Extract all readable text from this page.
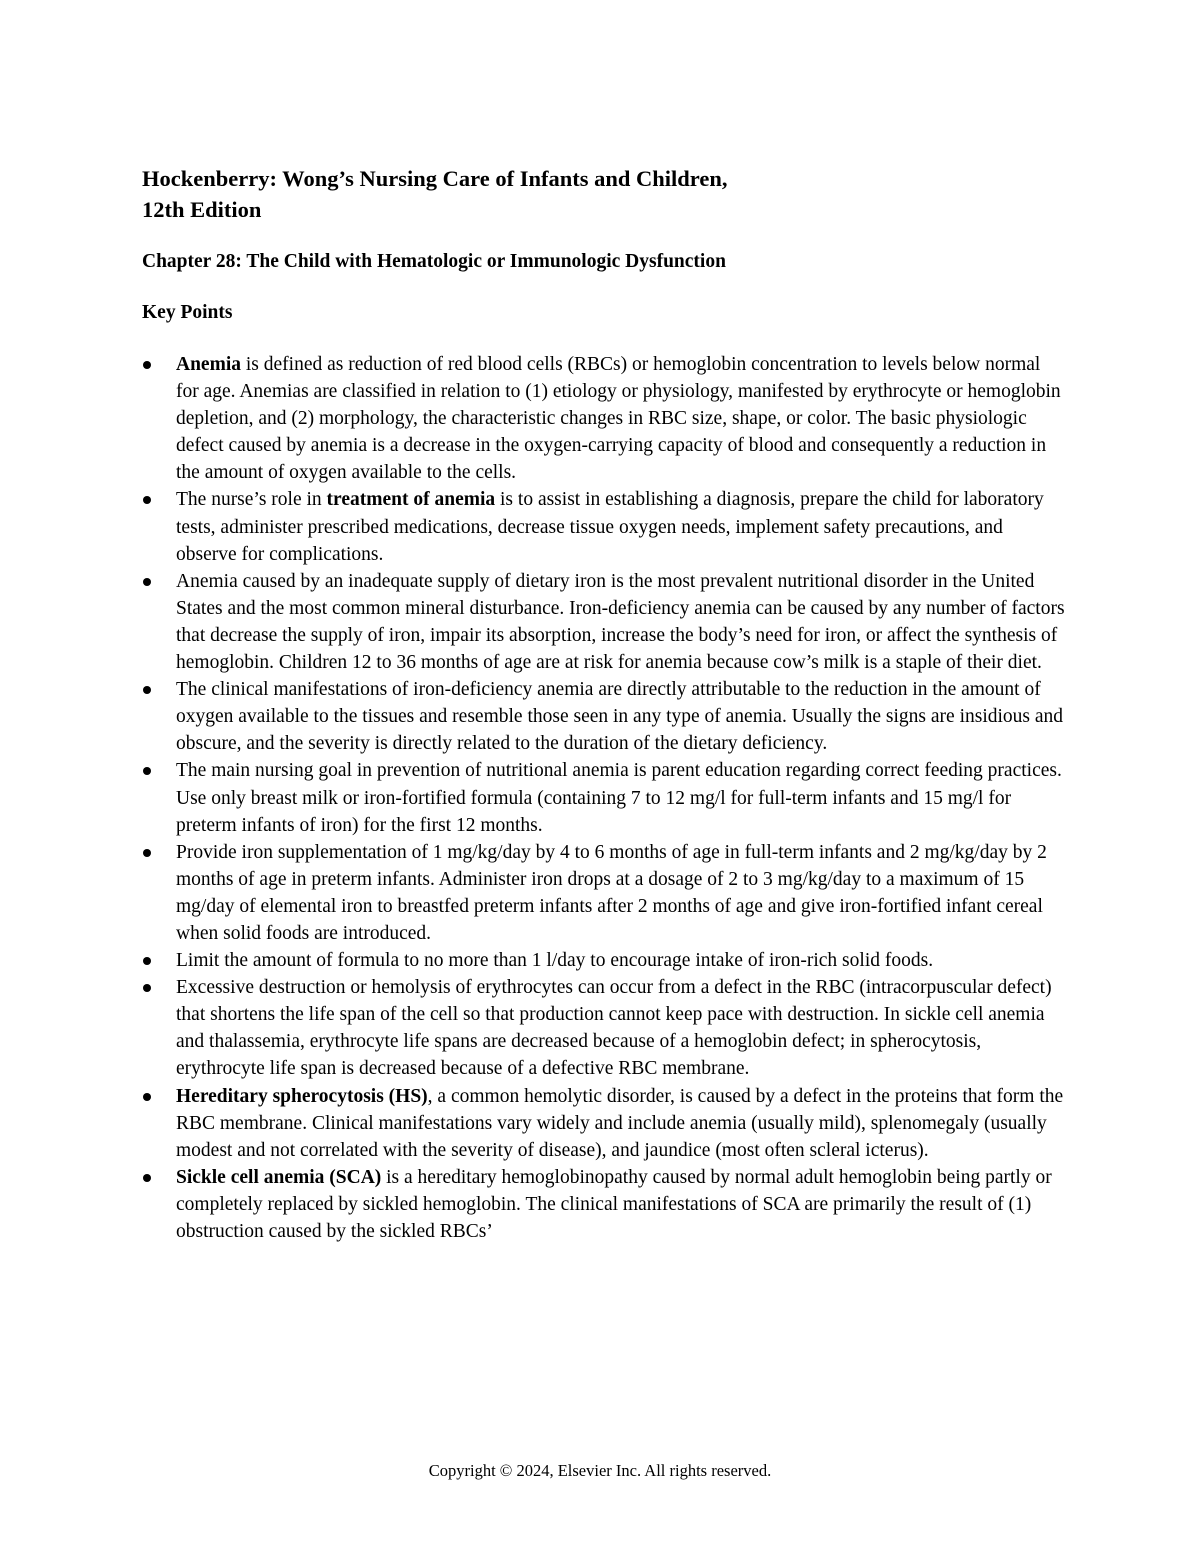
Hockenberry: Wong’s Nursing Care of Infants and Children,
12th Edition
Chapter 28: The Child with Hematologic or Immunologic Dysfunction
Key Points
Anemia is defined as reduction of red blood cells (RBCs) or hemoglobin concentration to levels below normal for age. Anemias are classified in relation to (1) etiology or physiology, manifested by erythrocyte or hemoglobin depletion, and (2) morphology, the characteristic changes in RBC size, shape, or color. The basic physiologic defect caused by anemia is a decrease in the oxygen-carrying capacity of blood and consequently a reduction in the amount of oxygen available to the cells.
The nurse’s role in treatment of anemia is to assist in establishing a diagnosis, prepare the child for laboratory tests, administer prescribed medications, decrease tissue oxygen needs, implement safety precautions, and observe for complications.
Anemia caused by an inadequate supply of dietary iron is the most prevalent nutritional disorder in the United States and the most common mineral disturbance. Iron-deficiency anemia can be caused by any number of factors that decrease the supply of iron, impair its absorption, increase the body’s need for iron, or affect the synthesis of hemoglobin. Children 12 to 36 months of age are at risk for anemia because cow’s milk is a staple of their diet.
The clinical manifestations of iron-deficiency anemia are directly attributable to the reduction in the amount of oxygen available to the tissues and resemble those seen in any type of anemia. Usually the signs are insidious and obscure, and the severity is directly related to the duration of the dietary deficiency.
The main nursing goal in prevention of nutritional anemia is parent education regarding correct feeding practices. Use only breast milk or iron-fortified formula (containing 7 to 12 mg/l for full-term infants and 15 mg/l for preterm infants of iron) for the first 12 months.
Provide iron supplementation of 1 mg/kg/day by 4 to 6 months of age in full-term infants and 2 mg/kg/day by 2 months of age in preterm infants. Administer iron drops at a dosage of 2 to 3 mg/kg/day to a maximum of 15 mg/day of elemental iron to breastfed preterm infants after 2 months of age and give iron-fortified infant cereal when solid foods are introduced.
Limit the amount of formula to no more than 1 l/day to encourage intake of iron-rich solid foods.
Excessive destruction or hemolysis of erythrocytes can occur from a defect in the RBC (intracorpuscular defect) that shortens the life span of the cell so that production cannot keep pace with destruction. In sickle cell anemia and thalassemia, erythrocyte life spans are decreased because of a hemoglobin defect; in spherocytosis, erythrocyte life span is decreased because of a defective RBC membrane.
Hereditary spherocytosis (HS), a common hemolytic disorder, is caused by a defect in the proteins that form the RBC membrane. Clinical manifestations vary widely and include anemia (usually mild), splenomegaly (usually modest and not correlated with the severity of disease), and jaundice (most often scleral icterus).
Sickle cell anemia (SCA) is a hereditary hemoglobinopathy caused by normal adult hemoglobin being partly or completely replaced by sickled hemoglobin. The clinical manifestations of SCA are primarily the result of (1) obstruction caused by the sickled RBCs’
Copyright © 2024, Elsevier Inc. All rights reserved.
